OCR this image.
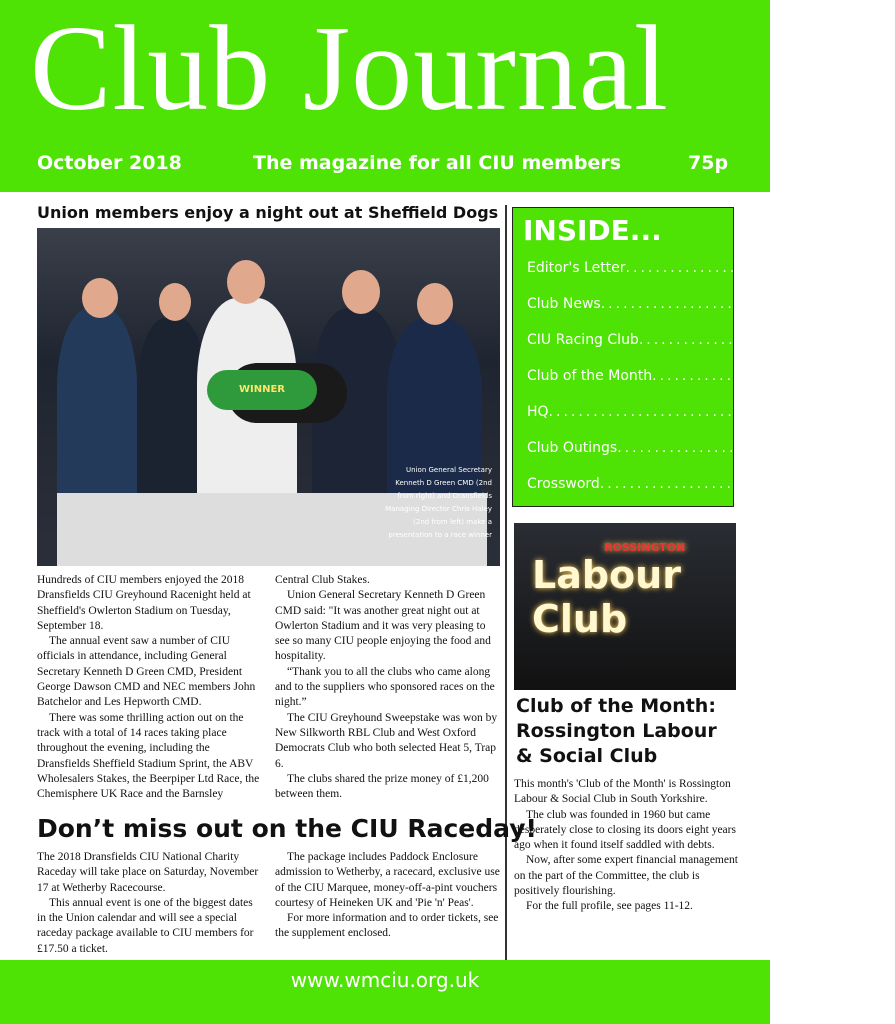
Club Journal
October 2018	The magazine for all CIU members	75p
Union members enjoy a night out at Sheffield Dogs
WINNER
Union General Secretary Kenneth D Green CMD (2nd from right) and Dransfields Managing Director Chris Haley (2nd from left) make a presentation to a race winner

Hundreds of CIU members enjoyed the 2018 Dransfields CIU Greyhound Racenight held at Sheffield's Owlerton Stadium on Tuesday, September 18.

The annual event saw a number of CIU officials in attendance, including General Secretary Kenneth D Green CMD, President George Dawson CMD and NEC members John Batchelor and Les Hepworth CMD.

There was some thrilling action out on the track with a total of 14 races taking place throughout the evening, including the Dransfields Sheffield Stadium Sprint, the ABV Wholesalers Stakes, the Beerpiper Ltd Race, the Chemisphere UK Race and the Barnsley

Central Club Stakes.

Union General Secretary Kenneth D Green CMD said: "It was another great night out at Owlerton Stadium and it was very pleasing to see so many CIU people enjoying the food and hospitality.

“Thank you to all the clubs who came along and to the suppliers who sponsored races on the night.”

The CIU Greyhound Sweepstake was won by New Silkworth RBL Club and West Oxford Democrats Club who both selected Heat 5, Trap 6.

The clubs shared the prize money of £1,200 between them.

INSIDE...
Editor's Letter .............................. 2
Club News .............................. 3
CIU Racing Club .............................. 9
Club of the Month .............................. 11
HQ .............................. 14
Club Outings .............................. 18
Crossword .............................. 21
ROSSINGTON
Labour Club
Club of the Month: Rossington Labour & Social Club

This month's 'Club of the Month' is Rossington Labour & Social Club in South Yorkshire.

The club was founded in 1960 but came desperately close to closing its doors eight years ago when it found itself saddled with debts.

Now, after some expert financial management on the part of the Committee, the club is positively flourishing.

For the full profile, see pages 11-12.

Don’t miss out on the CIU Raceday!

The 2018 Dransfields CIU National Charity Raceday will take place on Saturday, November 17 at Wetherby Racecourse.

This annual event is one of the biggest dates in the Union calendar and will see a special raceday package available to CIU members for £17.50 a ticket.

The package includes Paddock Enclosure admission to Wetherby, a racecard, exclusive use of the CIU Marquee, money-off-a-pint vouchers courtesy of Heineken UK and 'Pie 'n' Peas'.

For more information and to order tickets, see the supplement enclosed.

www.wmciu.org.uk
